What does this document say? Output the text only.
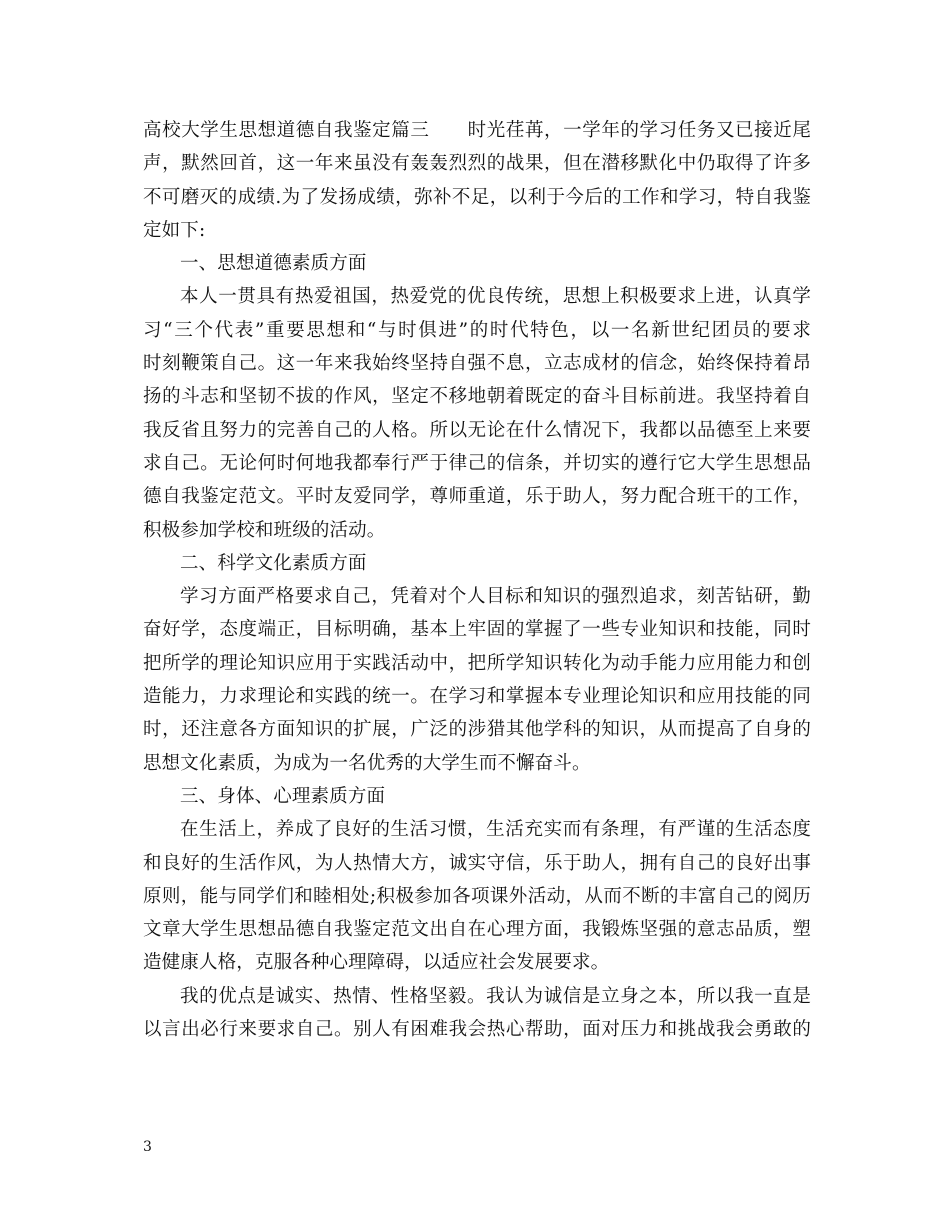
高校大学生思想道德自我鉴定篇三　　时光荏苒，一学年的学习任务又已接近尾
声，默然回首，这一年来虽没有轰轰烈烈的战果，但在潜移默化中仍取得了许多
不可磨灭的成绩.为了发扬成绩，弥补不足，以利于今后的工作和学习，特自我鉴
定如下:
一、思想道德素质方面
本人一贯具有热爱祖国，热爱党的优良传统，思想上积极要求上进，认真学
习“三个代表”重要思想和“与时俱进”的时代特色，以一名新世纪团员的要求
时刻鞭策自己。这一年来我始终坚持自强不息，立志成材的信念，始终保持着昂
扬的斗志和坚韧不拔的作风，坚定不移地朝着既定的奋斗目标前进。我坚持着自
我反省且努力的完善自己的人格。所以无论在什么情况下，我都以品德至上来要
求自己。无论何时何地我都奉行严于律己的信条，并切实的遵行它大学生思想品
德自我鉴定范文。平时友爱同学，尊师重道，乐于助人，努力配合班干的工作，
积极参加学校和班级的活动。
二、科学文化素质方面
学习方面严格要求自己，凭着对个人目标和知识的强烈追求，刻苦钻研，勤
奋好学，态度端正，目标明确，基本上牢固的掌握了一些专业知识和技能，同时
把所学的理论知识应用于实践活动中，把所学知识转化为动手能力应用能力和创
造能力，力求理论和实践的统一。在学习和掌握本专业理论知识和应用技能的同
时，还注意各方面知识的扩展，广泛的涉猎其他学科的知识，从而提高了自身的
思想文化素质，为成为一名优秀的大学生而不懈奋斗。
三、身体、心理素质方面
在生活上，养成了良好的生活习惯，生活充实而有条理，有严谨的生活态度
和良好的生活作风，为人热情大方，诚实守信，乐于助人，拥有自己的良好出事
原则，能与同学们和睦相处;积极参加各项课外活动，从而不断的丰富自己的阅历
文章大学生思想品德自我鉴定范文出自在心理方面，我锻炼坚强的意志品质，塑
造健康人格，克服各种心理障碍，以适应社会发展要求。
我的优点是诚实、热情、性格坚毅。我认为诚信是立身之本，所以我一直是
以言出必行来要求自己。别人有困难我会热心帮助，面对压力和挑战我会勇敢的
3
